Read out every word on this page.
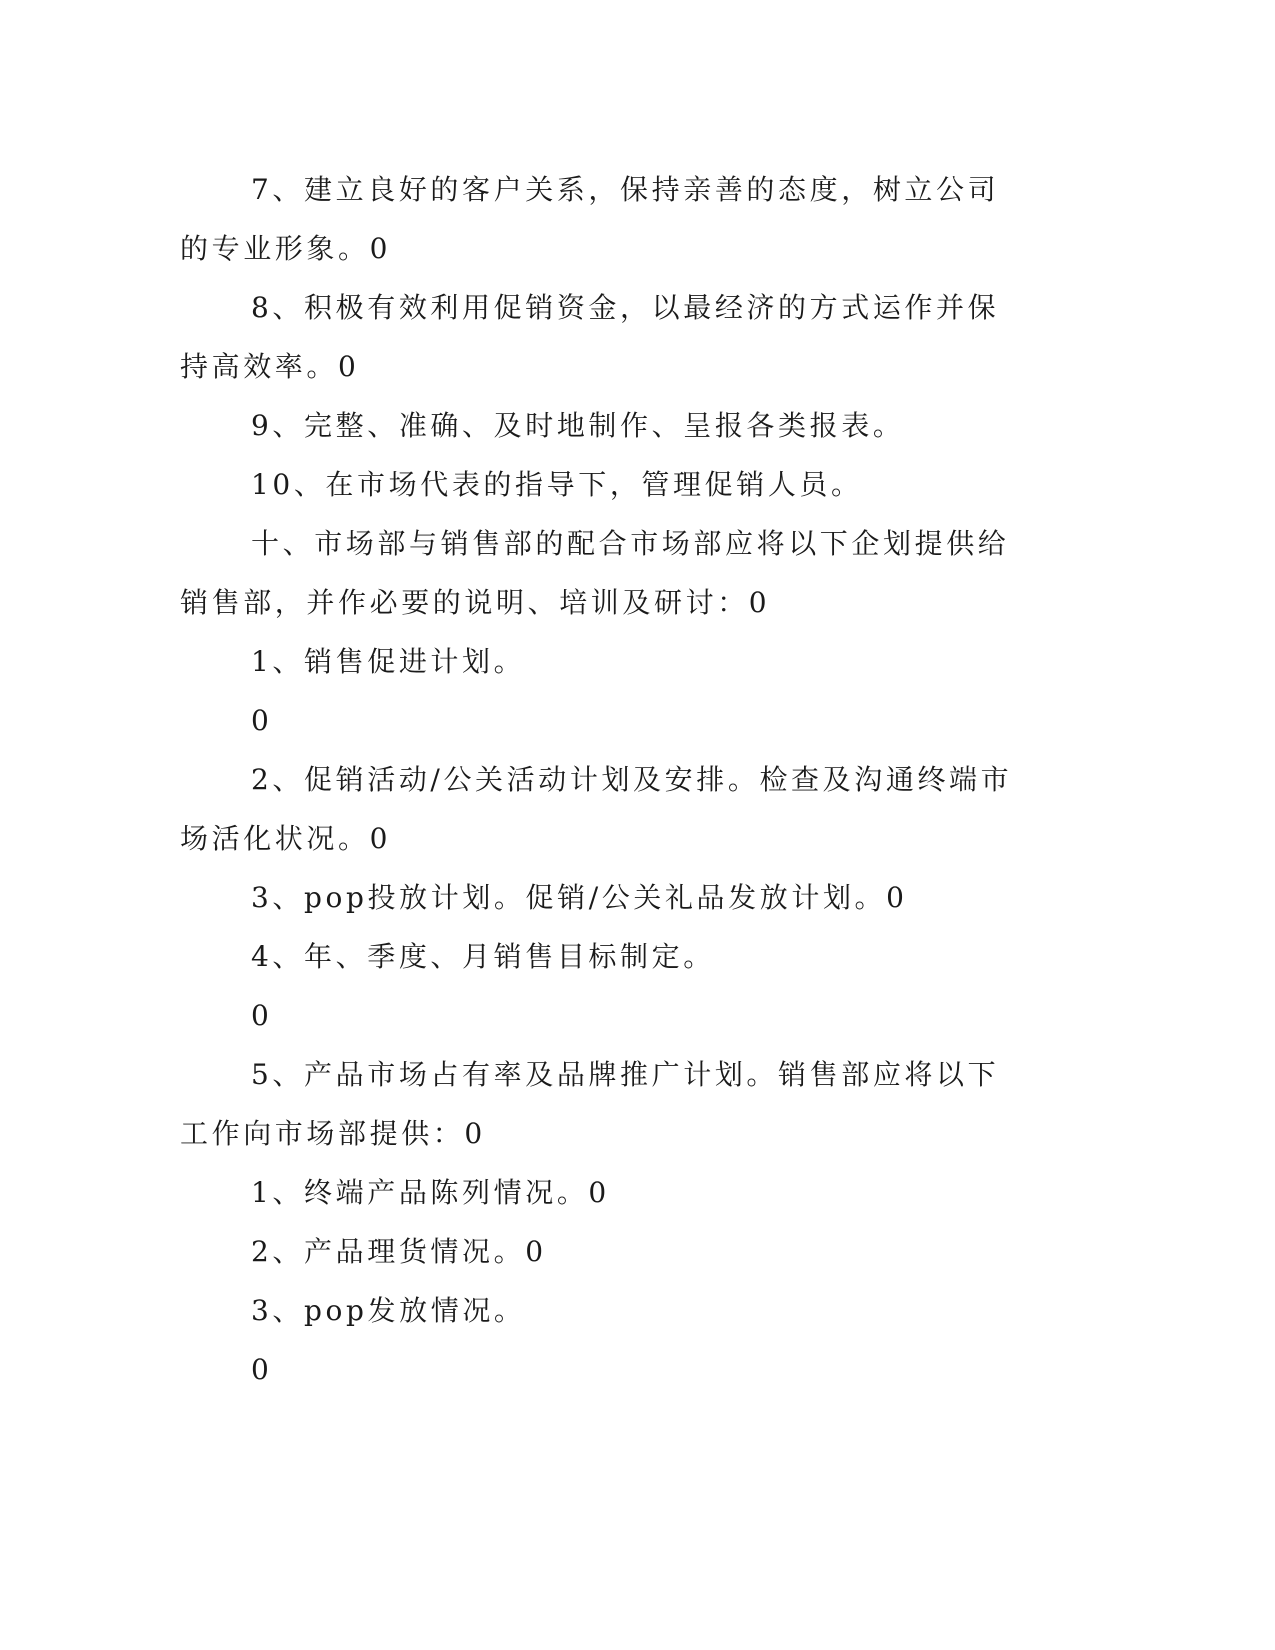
7、建立良好的客户关系，保持亲善的态度，树立公司的专业形象。0

8、积极有效利用促销资金，以最经济的方式运作并保持高效率。0

9、完整、准确、及时地制作、呈报各类报表。

10、在市场代表的指导下，管理促销人员。

十、市场部与销售部的配合市场部应将以下企划提供给销售部，并作必要的说明、培训及研讨：0

1、销售促进计划。

0

2、促销活动/公关活动计划及安排。检查及沟通终端市场活化状况。0

3、pop投放计划。促销/公关礼品发放计划。0

4、年、季度、月销售目标制定。

0

5、产品市场占有率及品牌推广计划。销售部应将以下工作向市场部提供：0

1、终端产品陈列情况。0

2、产品理货情况。0

3、pop发放情况。

0
